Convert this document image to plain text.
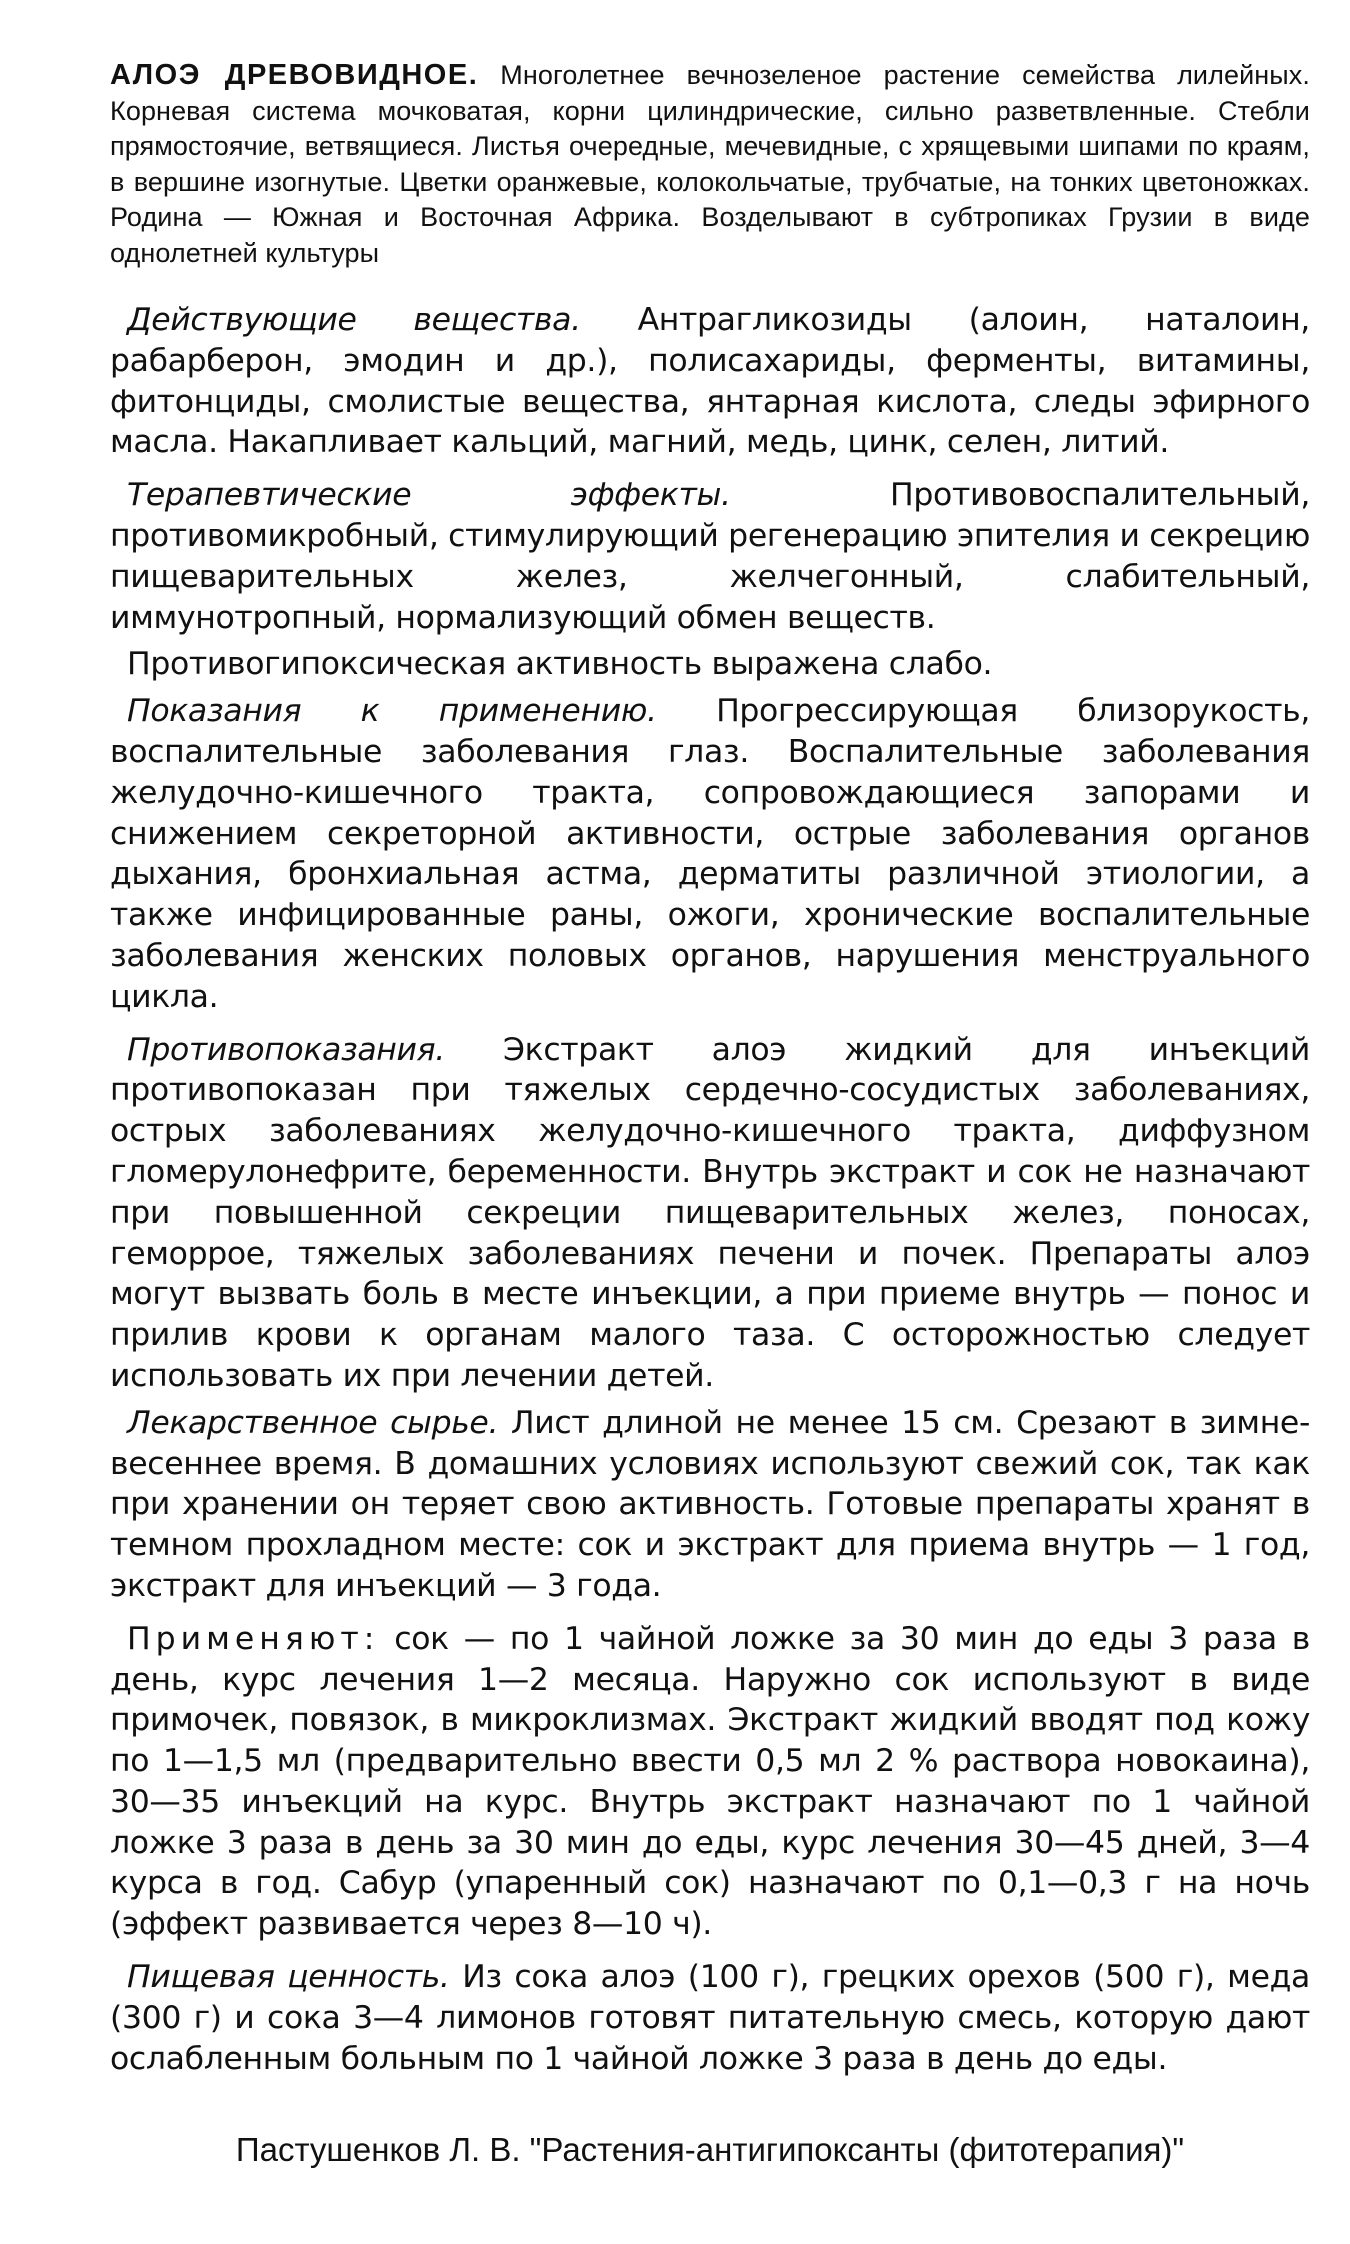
АЛОЭ ДРЕВОВИДНОЕ. Многолетнее вечнозеленое растение семейства лилейных. Корневая система мочковатая, корни цилиндрические, сильно разветвленные. Стебли прямостоячие, ветвящиеся. Листья очередные, мечевидные, с хрящевыми шипами по краям, в вершине изогнутые. Цветки оранжевые, колокольчатые, трубчатые, на тонких цветоножках. Родина — Южная и Восточная Африка. Возделывают в субтропиках Грузии в виде однолетней культуры

Действующие вещества. Антрагликозиды (алоин, наталоин, рабарберон, эмодин и др.), полисахариды, ферменты, витамины, фитонциды, смолистые вещества, янтарная кислота, следы эфирного масла. Накапливает кальций, магний, медь, цинк, селен, литий.

Терапевтические эффекты. Противовоспалительный, противомикробный, стимулирующий регенерацию эпителия и секрецию пищеварительных желез, желчегонный, слабительный, иммунотропный, нормализующий обмен веществ.

Противогипоксическая активность выражена слабо.

Показания к применению. Прогрессирующая близорукость, воспалительные заболевания глаз. Воспалительные заболевания желудочно-кишечного тракта, сопровождающиеся запорами и снижением секреторной активности, острые заболевания органов дыхания, бронхиальная астма, дерматиты различной этиологии, а также инфицированные раны, ожоги, хронические воспалительные заболевания женских половых органов, нарушения менструального цикла.

Противопоказания. Экстракт алоэ жидкий для инъекций противопоказан при тяжелых сердечно-сосудистых заболеваниях, острых заболеваниях желудочно-кишечного тракта, диффузном гломерулонефрите, беременности. Внутрь экстракт и сок не назначают при повышенной секреции пищеварительных желез, поносах, геморрое, тяжелых заболеваниях печени и почек. Препараты алоэ могут вызвать боль в месте инъекции, а при приеме внутрь — понос и прилив крови к органам малого таза. С осторожностью следует использовать их при лечении детей.

Лекарственное сырье. Лист длиной не менее 15 см. Срезают в зимне-весеннее время. В домашних условиях используют свежий сок, так как при хранении он теряет свою активность. Готовые препараты хранят в темном прохладном месте: сок и экстракт для приема внутрь — 1 год, экстракт для инъекций — 3 года.

Применяют: сок — по 1 чайной ложке за 30 мин до еды 3 раза в день, курс лечения 1—2 месяца. Наружно сок используют в виде примочек, повязок, в микроклизмах. Экстракт жидкий вводят под кожу по 1—1,5 мл (предварительно ввести 0,5 мл 2 % раствора новокаина), 30—35 инъекций на курс. Внутрь экстракт назначают по 1 чайной ложке 3 раза в день за 30 мин до еды, курс лечения 30—45 дней, 3—4 курса в год. Сабур (упаренный сок) назначают по 0,1—0,3 г на ночь (эффект развивается через 8—10 ч).

Пищевая ценность. Из сока алоэ (100 г), грецких орехов (500 г), меда (300 г) и сока 3—4 лимонов готовят питательную смесь, которую дают ослабленным больным по 1 чайной ложке 3 раза в день до еды.

Пастушенков Л. В. "Растения-антигипоксанты (фитотерапия)"
